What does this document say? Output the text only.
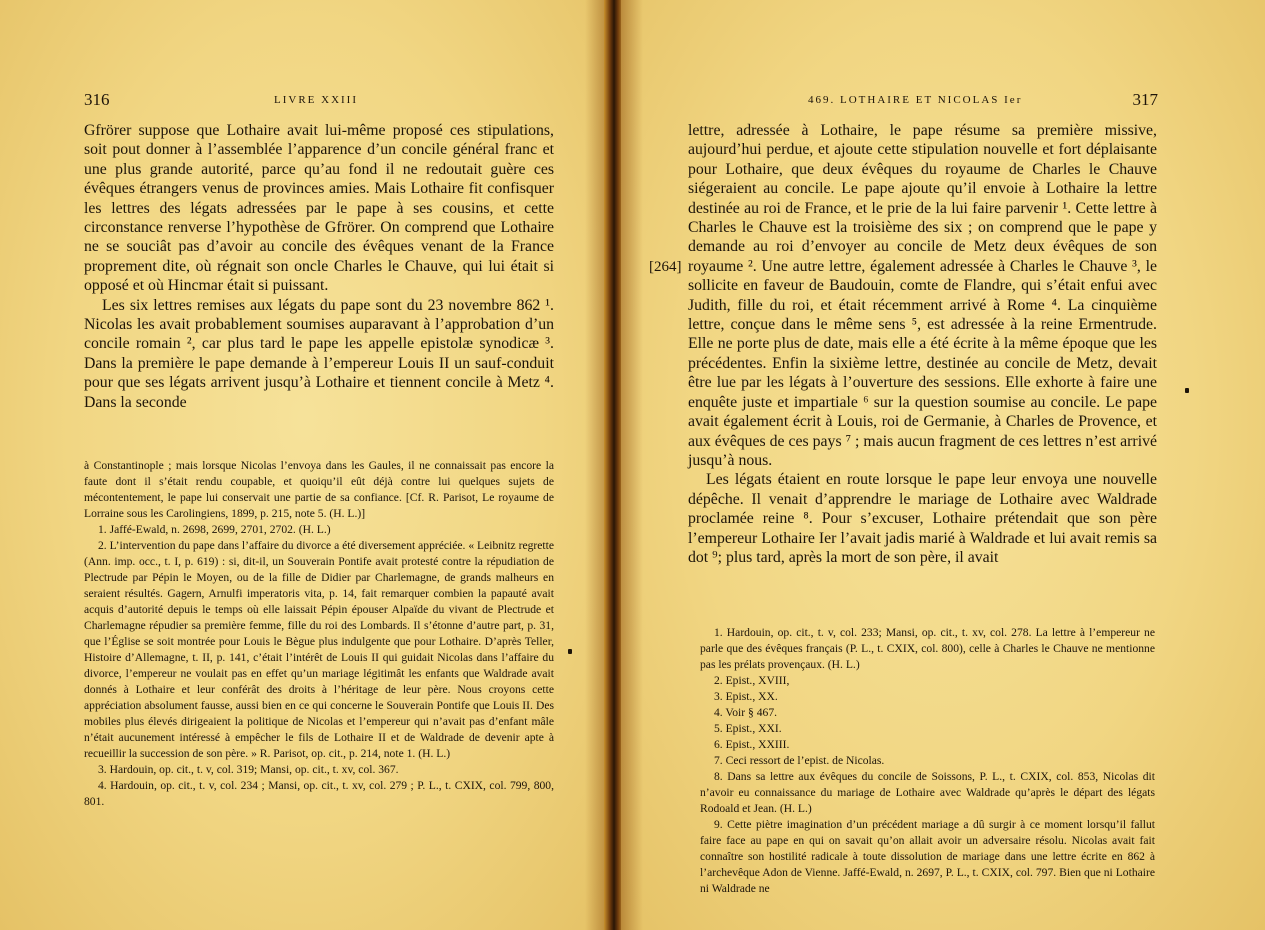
316	LIVRE XXIII

Gfrörer suppose que Lothaire avait lui-même proposé ces stipulations, soit pout donner à l’assemblée l’apparence d’un concile général franc et une plus grande autorité, parce qu’au fond il ne redoutait guère ces évêques étrangers venus de provinces amies. Mais Lothaire fit confisquer les lettres des légats adressées par le pape à ses cousins, et cette circonstance renverse l’hypothèse de Gfrörer. On comprend que Lothaire ne se souciât pas d’avoir au concile des évêques venant de la France proprement dite, où régnait son oncle Charles le Chauve, qui lui était si opposé et où Hincmar était si puissant.

Les six lettres remises aux légats du pape sont du 23 novembre 862 ¹. Nicolas les avait probablement soumises auparavant à l’approbation d’un concile romain ², car plus tard le pape les appelle epistolæ synodicæ ³. Dans la première le pape demande à l’empereur Louis II un sauf-conduit pour que ses légats arrivent jusqu’à Lothaire et tiennent concile à Metz ⁴. Dans la seconde

à Constantinople ; mais lorsque Nicolas l’envoya dans les Gaules, il ne connaissait pas encore la faute dont il s’était rendu coupable, et quoiqu’il eût déjà contre lui quelques sujets de mécontentement, le pape lui conservait une partie de sa confiance. [Cf. R. Parisot, Le royaume de Lorraine sous les Carolingiens, 1899, p. 215, note 5. (H. L.)]

1. Jaffé-Ewald, n. 2698, 2699, 2701, 2702. (H. L.)

2. L’intervention du pape dans l’affaire du divorce a été diversement appréciée. « Leibnitz regrette (Ann. imp. occ., t. I, p. 619) : si, dit-il, un Souverain Pontife avait protesté contre la répudiation de Plectrude par Pépin le Moyen, ou de la fille de Didier par Charlemagne, de grands malheurs en seraient résultés. Gagern, Arnulfi imperatoris vita, p. 14, fait remarquer combien la papauté avait acquis d’autorité depuis le temps où elle laissait Pépin épouser Alpaïde du vivant de Plectrude et Charlemagne répudier sa première femme, fille du roi des Lombards. Il s’étonne d’autre part, p. 31, que l’Église se soit montrée pour Louis le Bègue plus indulgente que pour Lothaire. D’après Teller, Histoire d’Allemagne, t. II, p. 141, c’était l’intérêt de Louis II qui guidait Nicolas dans l’affaire du divorce, l’empereur ne voulait pas en effet qu’un mariage légitimât les enfants que Waldrade avait donnés à Lothaire et leur conférât des droits à l’héritage de leur père. Nous croyons cette appréciation absolument fausse, aussi bien en ce qui concerne le Souverain Pontife que Louis II. Des mobiles plus élevés dirigeaient la politique de Nicolas et l’empereur qui n’avait pas d’enfant mâle n’était aucunement intéressé à empêcher le fils de Lothaire II et de Waldrade de devenir apte à recueillir la succession de son père. » R. Parisot, op. cit., p. 214, note 1. (H. L.)

3. Hardouin, op. cit., t. v, col. 319; Mansi, op. cit., t. xv, col. 367.

4. Hardouin, op. cit., t. v, col. 234 ; Mansi, op. cit., t. xv, col. 279 ; P. L., t. CXIX, col. 799, 800, 801.

469. LOTHAIRE ET NICOLAS Ier	317
[264]

lettre, adressée à Lothaire, le pape résume sa première missive, aujourd’hui perdue, et ajoute cette stipulation nouvelle et fort déplaisante pour Lothaire, que deux évêques du royaume de Charles le Chauve siégeraient au concile. Le pape ajoute qu’il envoie à Lothaire la lettre destinée au roi de France, et le prie de la lui faire parvenir ¹. Cette lettre à Charles le Chauve est la troisième des six ; on comprend que le pape y demande au roi d’envoyer au concile de Metz deux évêques de son royaume ². Une autre lettre, également adressée à Charles le Chauve ³, le sollicite en faveur de Baudouin, comte de Flandre, qui s’était enfui avec Judith, fille du roi, et était récemment arrivé à Rome ⁴. La cinquième lettre, conçue dans le même sens ⁵, est adressée à la reine Ermentrude. Elle ne porte plus de date, mais elle a été écrite à la même époque que les précédentes. Enfin la sixième lettre, destinée au concile de Metz, devait être lue par les légats à l’ouverture des sessions. Elle exhorte à faire une enquête juste et impartiale ⁶ sur la question soumise au concile. Le pape avait également écrit à Louis, roi de Germanie, à Charles de Provence, et aux évêques de ces pays ⁷ ; mais aucun fragment de ces lettres n’est arrivé jusqu’à nous.

Les légats étaient en route lorsque le pape leur envoya une nouvelle dépêche. Il venait d’apprendre le mariage de Lothaire avec Waldrade proclamée reine ⁸. Pour s’excuser, Lothaire prétendait que son père l’empereur Lothaire Ier l’avait jadis marié à Waldrade et lui avait remis sa dot ⁹; plus tard, après la mort de son père, il avait

1. Hardouin, op. cit., t. v, col. 233; Mansi, op. cit., t. xv, col. 278. La lettre à l’empereur ne parle que des évêques français (P. L., t. CXIX, col. 800), celle à Charles le Chauve ne mentionne pas les prélats provençaux. (H. L.)

2. Epist., XVIII,

3. Epist., XX.

4. Voir § 467.

5. Epist., XXI.

6. Epist., XXIII.

7. Ceci ressort de l’epist. de Nicolas.

8. Dans sa lettre aux évêques du concile de Soissons, P. L., t. CXIX, col. 853, Nicolas dit n’avoir eu connaissance du mariage de Lothaire avec Waldrade qu’après le départ des légats Rodoald et Jean. (H. L.)

9. Cette piètre imagination d’un précédent mariage a dû surgir à ce moment lorsqu’il fallut faire face au pape en qui on savait qu’on allait avoir un adversaire résolu. Nicolas avait fait connaître son hostilité radicale à toute dissolution de mariage dans une lettre écrite en 862 à l’archevêque Adon de Vienne. Jaffé-Ewald, n. 2697, P. L., t. CXIX, col. 797. Bien que ni Lothaire ni Waldrade ne
